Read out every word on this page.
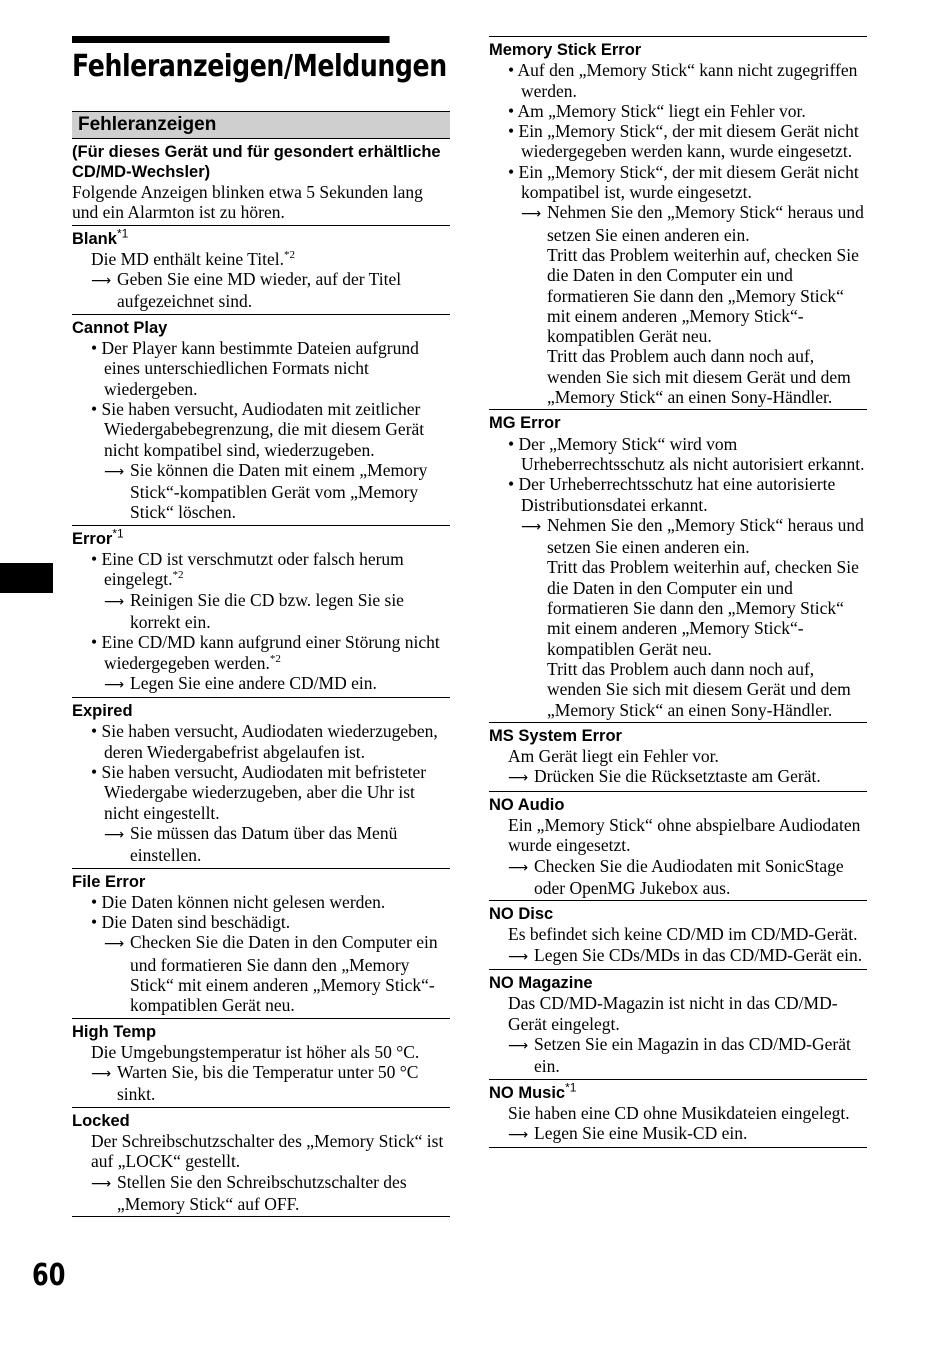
Fehleranzeigen/Meldungen
Fehleranzeigen
(Für dieses Gerät und für gesondert erhältliche CD/MD-Wechsler)
Folgende Anzeigen blinken etwa 5 Sekunden lang und ein Alarmton ist zu hören.
Blank$^{*1}$
Die MD enthält keine Titel.$^{*2}$
⟶ Geben Sie eine MD wieder, auf der Titel
aufgezeichnet sind.
Cannot Play
• Der Player kann bestimmte Dateien aufgrund eines unterschiedlichen Formats nicht wiedergeben.
• Sie haben versucht, Audiodaten mit zeitlicher Wiedergabebegrenzung, die mit diesem Gerät nicht kompatibel sind, wiederzugeben.
⟶ Sie können die Daten mit einem „Memory Stick“-kompatiblen Gerät vom „Memory Stick“ löschen.
Error$^{*1}$
• Eine CD ist verschmutzt oder falsch herum eingelegt.$^{*2}$
⟶ Reinigen Sie die CD bzw. legen Sie sie korrekt ein.
• Eine CD/MD kann aufgrund einer Störung nicht wiedergegeben werden.$^{*2}$
⟶ Legen Sie eine andere CD/MD ein.
Expired
• Sie haben versucht, Audiodaten wiederzugeben, deren Wiedergabefrist abgelaufen ist.
• Sie haben versucht, Audiodaten mit befristeter Wiedergabe wiederzugeben, aber die Uhr ist nicht eingestellt.
⟶ Sie müssen das Datum über das Menü einstellen.
File Error
• Die Daten können nicht gelesen werden.
• Die Daten sind beschädigt.
⟶ Checken Sie die Daten in den Computer ein und formatieren Sie dann den „Memory Stick“ mit einem anderen „Memory Stick“-kompatiblen Gerät neu.
High Temp
Die Umgebungstemperatur ist höher als 50 °C.
⟶ Warten Sie, bis die Temperatur unter 50 °C sinkt.
Locked
Der Schreibschutzschalter des „Memory Stick“ ist auf „LOCK“ gestellt.
⟶ Stellen Sie den Schreibschutzschalter des „Memory Stick“ auf OFF.
Memory Stick Error
• Auf den „Memory Stick“ kann nicht zugegriffen werden.
• Am „Memory Stick“ liegt ein Fehler vor.
• Ein „Memory Stick“, der mit diesem Gerät nicht wiedergegeben werden kann, wurde eingesetzt.
• Ein „Memory Stick“, der mit diesem Gerät nicht kompatibel ist, wurde eingesetzt.
⟶ Nehmen Sie den „Memory Stick“ heraus und setzen Sie einen anderen ein.
Tritt das Problem weiterhin auf, checken Sie die Daten in den Computer ein und formatieren Sie dann den „Memory Stick“ mit einem anderen „Memory Stick“-kompatiblen Gerät neu.
Tritt das Problem auch dann noch auf, wenden Sie sich mit diesem Gerät und dem „Memory Stick“ an einen Sony-Händler.
MG Error
• Der „Memory Stick“ wird vom Urheberrechtsschutz als nicht autorisiert erkannt.
• Der Urheberrechtsschutz hat eine autorisierte Distributionsdatei erkannt.
⟶ Nehmen Sie den „Memory Stick“ heraus und setzen Sie einen anderen ein.
Tritt das Problem weiterhin auf, checken Sie die Daten in den Computer ein und formatieren Sie dann den „Memory Stick“ mit einem anderen „Memory Stick“-kompatiblen Gerät neu.
Tritt das Problem auch dann noch auf, wenden Sie sich mit diesem Gerät und dem „Memory Stick“ an einen Sony-Händler.
MS System Error
Am Gerät liegt ein Fehler vor.
⟶ Drücken Sie die Rücksetztaste am Gerät.
NO Audio
Ein „Memory Stick“ ohne abspielbare Audiodaten wurde eingesetzt.
⟶ Checken Sie die Audiodaten mit SonicStage oder OpenMG Jukebox aus.
NO Disc
Es befindet sich keine CD/MD im CD/MD-Gerät.
⟶ Legen Sie CDs/MDs in das CD/MD-Gerät ein.
NO Magazine
Das CD/MD-Magazin ist nicht in das CD/MD-Gerät eingelegt.
⟶ Setzen Sie ein Magazin in das CD/MD-Gerät ein.
NO Music$^{*1}$
Sie haben eine CD ohne Musikdateien eingelegt.
⟶ Legen Sie eine Musik-CD ein.
60
